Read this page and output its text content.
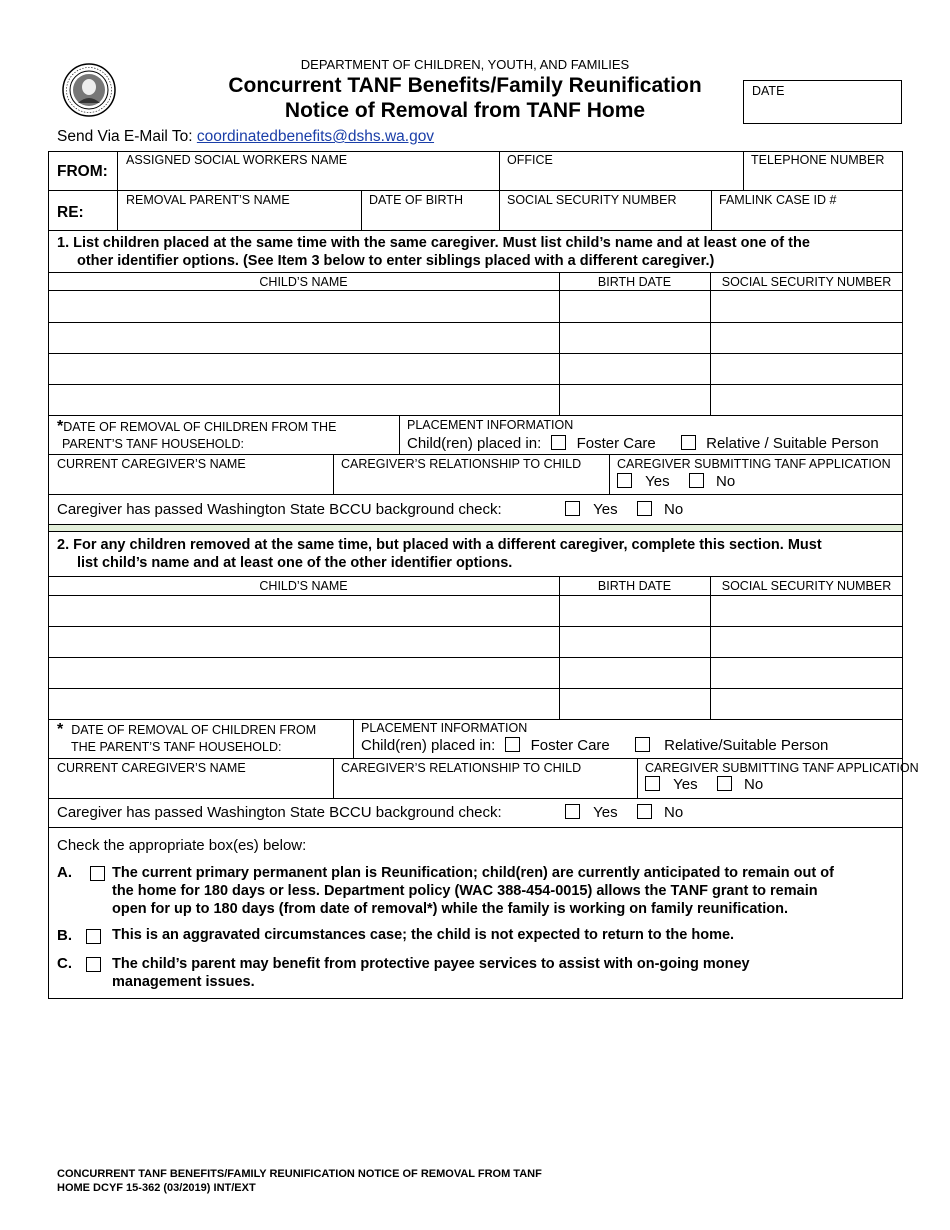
DEPARTMENT OF CHILDREN, YOUTH, AND FAMILIES
Concurrent TANF Benefits/Family Reunification
Notice of Removal from TANF Home
DATE
Send Via E-Mail To: coordinatedbenefits@dshs.wa.gov
FROM:
ASSIGNED SOCIAL WORKERS NAME	OFFICE	TELEPHONE NUMBER
RE:
REMOVAL PARENT’S NAME	DATE OF BIRTH	SOCIAL SECURITY NUMBER	FAMLINK CASE ID #
1. List children placed at the same time with the same caregiver. Must list child’s name and at least one of the
other identifier options. (See Item 3 below to enter siblings placed with a different caregiver.)
CHILD’S NAME	BIRTH DATE	SOCIAL SECURITY NUMBER
*DATE OF REMOVAL OF CHILDREN FROM THE
PARENT’S TANF HOUSEHOLD:
PLACEMENT INFORMATION
Child(ren) placed in: Foster Care	Relative / Suitable Person
CURRENT CAREGIVER’S NAME	CAREGIVER’S RELATIONSHIP TO CHILD	CAREGIVER SUBMITTING TANF APPLICATION
Yes	No
Caregiver has passed Washington State BCCU background check:	Yes	No
2. For any children removed at the same time, but placed with a different caregiver, complete this section. Must
list child’s name and at least one of the other identifier options.
CHILD’S NAME	BIRTH DATE	SOCIAL SECURITY NUMBER
* DATE OF REMOVAL OF CHILDREN FROM
THE PARENT’S TANF HOUSEHOLD:
PLACEMENT INFORMATION
Child(ren) placed in: Foster Care	Relative/Suitable Person
CURRENT CAREGIVER’S NAME	CAREGIVER’S RELATIONSHIP TO CHILD	CAREGIVER SUBMITTING TANF APPLICATION
Yes	No
Caregiver has passed Washington State BCCU background check:	Yes	No
Check the appropriate box(es) below:
A.	The current primary permanent plan is Reunification; child(ren) are currently anticipated to remain out of
the home for 180 days or less. Department policy (WAC 388-454-0015) allows the TANF grant to remain
open for up to 180 days (from date of removal*) while the family is working on family reunification.
B.	This is an aggravated circumstances case; the child is not expected to return to the home.
C.	The child’s parent may benefit from protective payee services to assist with on-going money
management issues.
CONCURRENT TANF BENEFITS/FAMILY REUNIFICATION NOTICE OF REMOVAL FROM TANF
HOME DCYF 15-362 (03/2019) INT/EXT
